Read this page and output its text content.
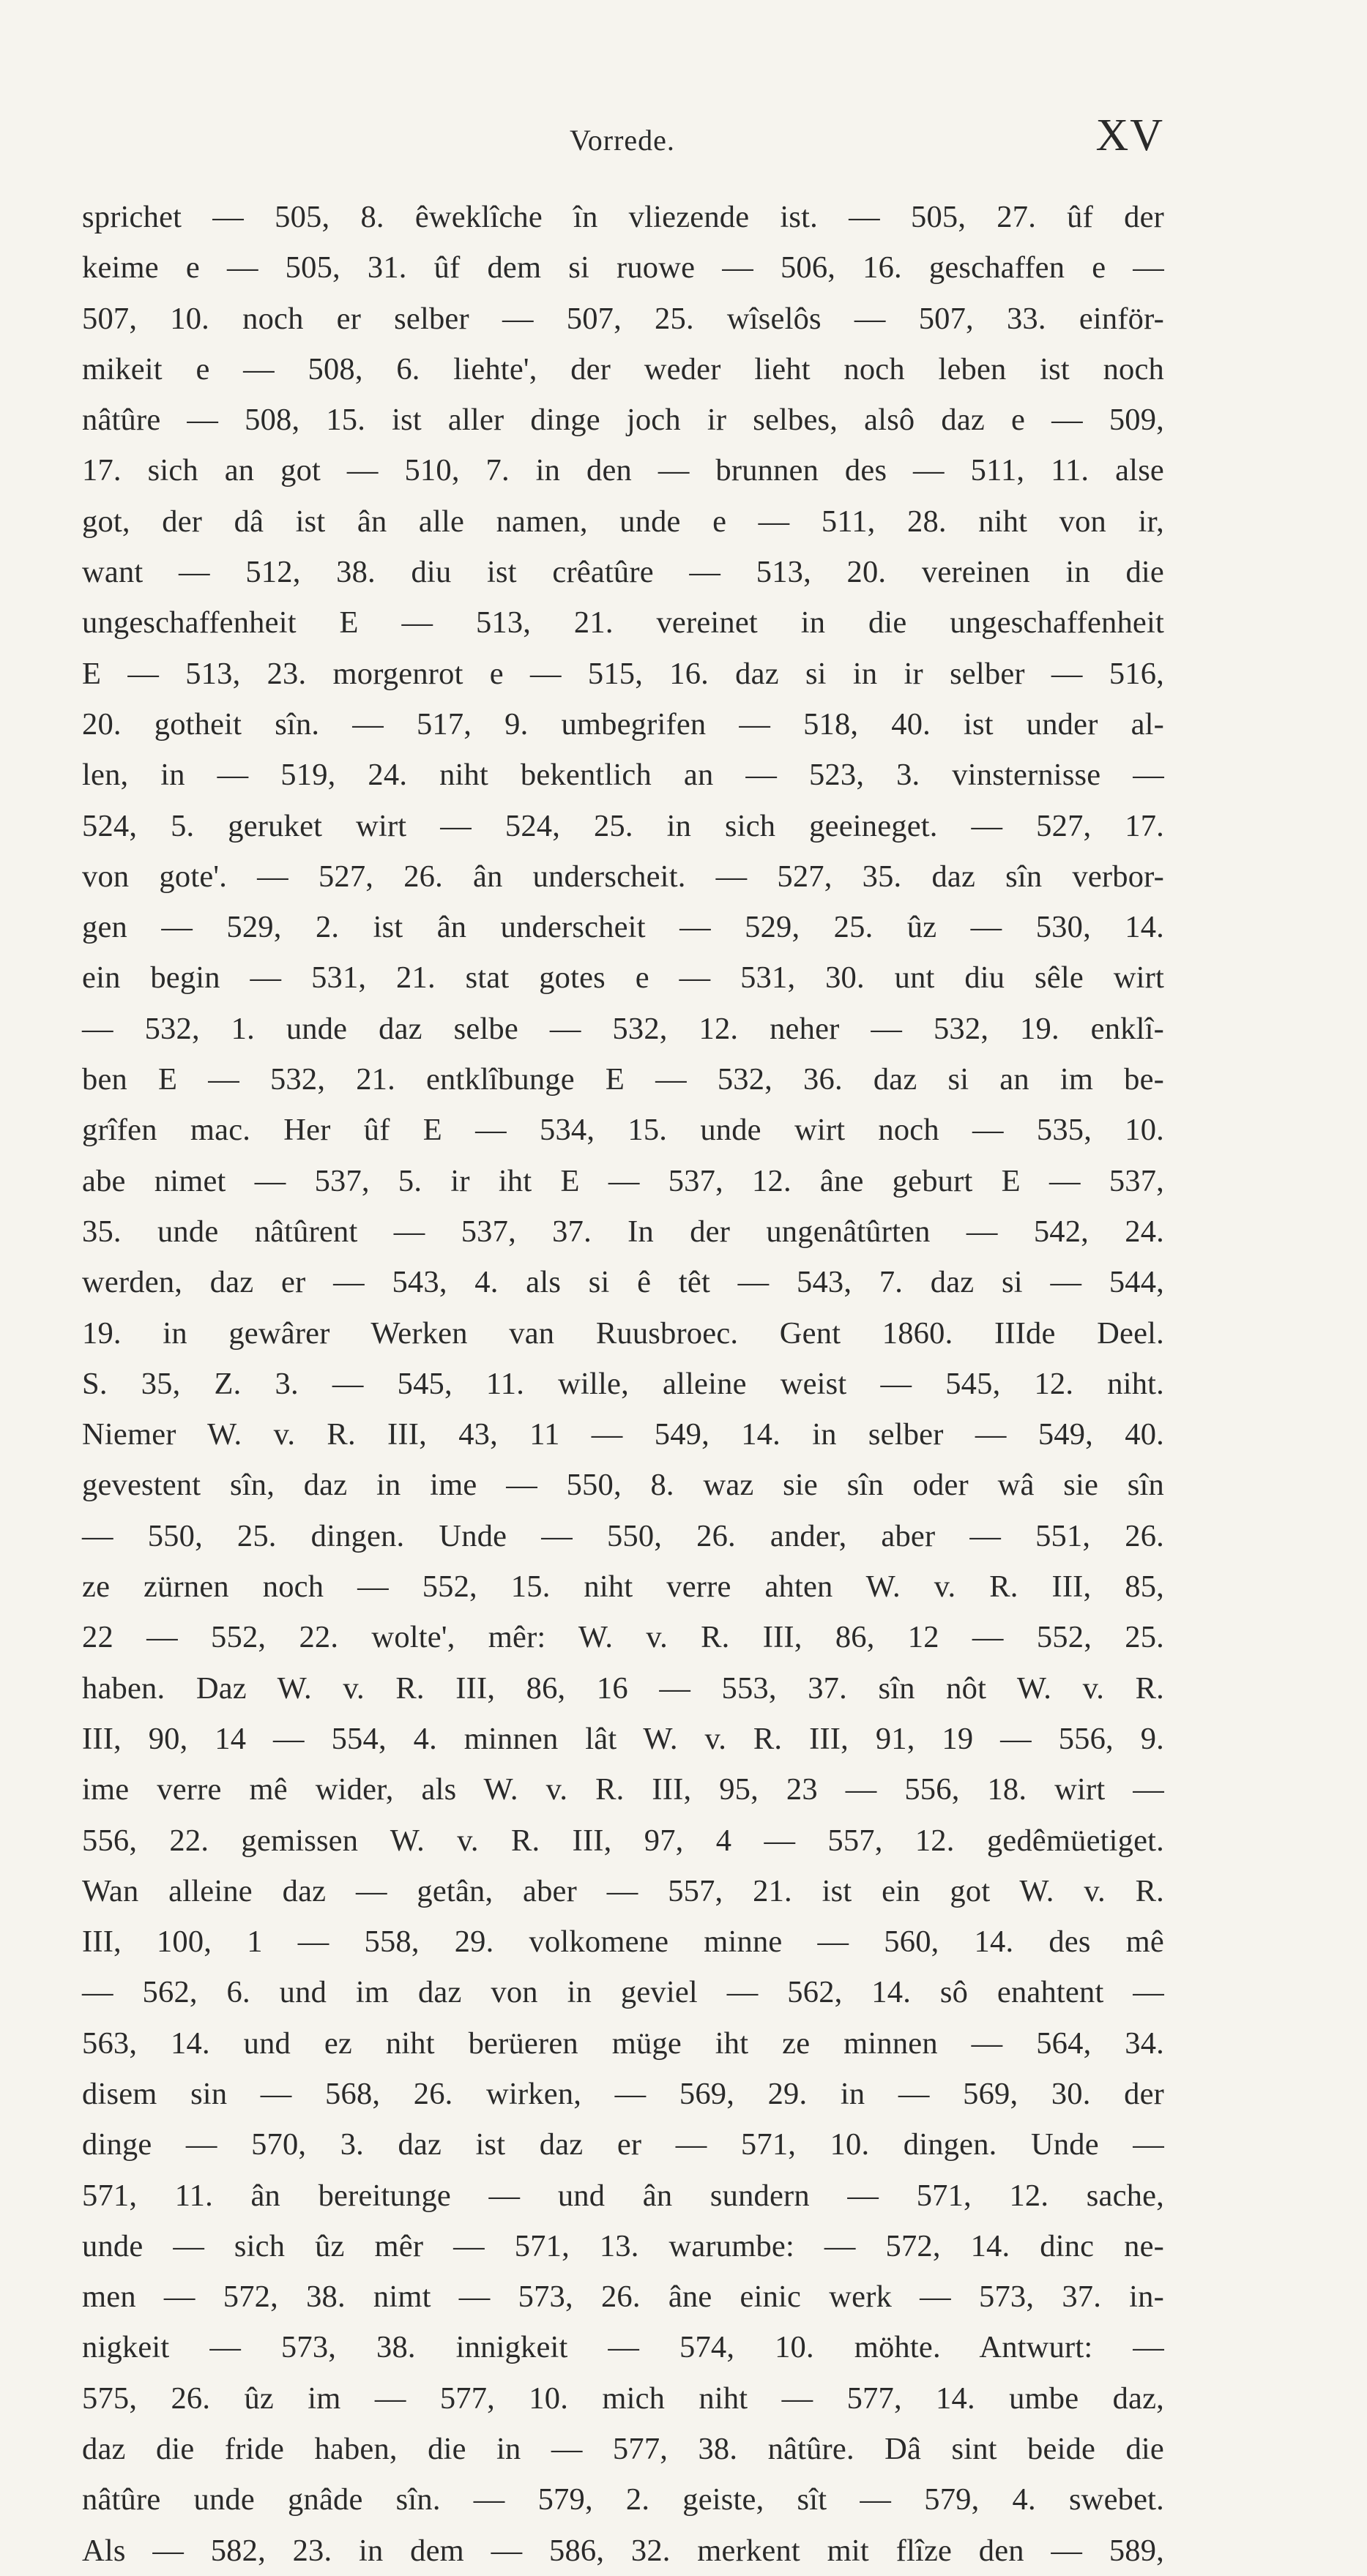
Vorrede.	XV
sprichet — 505, 8. êweklîche în vliezende ist. — 505, 27. ûf der
keime e — 505, 31. ûf dem si ruowe — 506, 16. geschaffen e —
507, 10. noch er selber — 507, 25. wîselôs — 507, 33. einför-
mikeit e — 508, 6. liehte', der weder lieht noch leben ist noch
nâtûre — 508, 15. ist aller dinge joch ir selbes, alsô daz e — 509,
17. sich an got — 510, 7. in den — brunnen des — 511, 11. alse
got, der dâ ist ân alle namen, unde e — 511, 28. niht von ir,
want — 512, 38. diu ist crêatûre — 513, 20. vereinen in die
ungeschaffenheit E — 513, 21. vereinet in die ungeschaffenheit
E — 513, 23. morgenrot e — 515, 16. daz si in ir selber — 516,
20. gotheit sîn. — 517, 9. umbegrifen — 518, 40. ist under al-
len, in — 519, 24. niht bekentlich an — 523, 3. vinsternisse —
524, 5. geruket wirt — 524, 25. in sich geeineget. — 527, 17.
von gote'. — 527, 26. ân underscheit. — 527, 35. daz sîn verbor-
gen — 529, 2. ist ân underscheit — 529, 25. ûz — 530, 14.
ein begin — 531, 21. stat gotes e — 531, 30. unt diu sêle wirt
— 532, 1. unde daz selbe — 532, 12. neher — 532, 19. enklî-
ben E — 532, 21. entklîbunge E — 532, 36. daz si an im be-
grîfen mac. Her ûf E — 534, 15. unde wirt noch — 535, 10.
abe nimet — 537, 5. ir iht E — 537, 12. âne geburt E — 537,
35. unde nâtûrent — 537, 37. In der ungenâtûrten — 542, 24.
werden, daz er — 543, 4. als si ê têt — 543, 7. daz si — 544,
19. in gewârer Werken van Ruusbroec. Gent 1860. IIIde Deel.
S. 35, Z. 3. — 545, 11. wille, alleine weist — 545, 12. niht.
Niemer W. v. R. III, 43, 11 — 549, 14. in selber — 549, 40.
gevestent sîn, daz in ime — 550, 8. waz sie sîn oder wâ sie sîn
— 550, 25. dingen. Unde — 550, 26. ander, aber — 551, 26.
ze zürnen noch — 552, 15. niht verre ahten W. v. R. III, 85,
22 — 552, 22. wolte', mêr: W. v. R. III, 86, 12 — 552, 25.
haben. Daz W. v. R. III, 86, 16 — 553, 37. sîn nôt W. v. R.
III, 90, 14 — 554, 4. minnen lât W. v. R. III, 91, 19 — 556, 9.
ime verre mê wider, als W. v. R. III, 95, 23 — 556, 18. wirt —
556, 22. gemissen W. v. R. III, 97, 4 — 557, 12. gedêmüetiget.
Wan alleine daz — getân, aber — 557, 21. ist ein got W. v. R.
III, 100, 1 — 558, 29. volkomene minne — 560, 14. des mê
— 562, 6. und im daz von in geviel — 562, 14. sô enahtent —
563, 14. und ez niht berüeren müge iht ze minnen — 564, 34.
disem sin — 568, 26. wirken, — 569, 29. in — 569, 30. der
dinge — 570, 3. daz ist daz er — 571, 10. dingen. Unde —
571, 11. ân bereitunge — und ân sundern — 571, 12. sache,
unde — sich ûz mêr — 571, 13. warumbe: — 572, 14. dinc ne-
men — 572, 38. nimt — 573, 26. âne einic werk — 573, 37. in-
nigkeit — 573, 38. innigkeit — 574, 10. möhte. Antwurt: —
575, 26. ûz im — 577, 10. mich niht — 577, 14. umbe daz,
daz die fride haben, die in — 577, 38. nâtûre. Dâ sint beide die
nâtûre unde gnâde sîn. — 579, 2. geiste, sît — 579, 4. swebet.
Als — 582, 23. in dem — 586, 32. merkent mit flîze den — 589,
